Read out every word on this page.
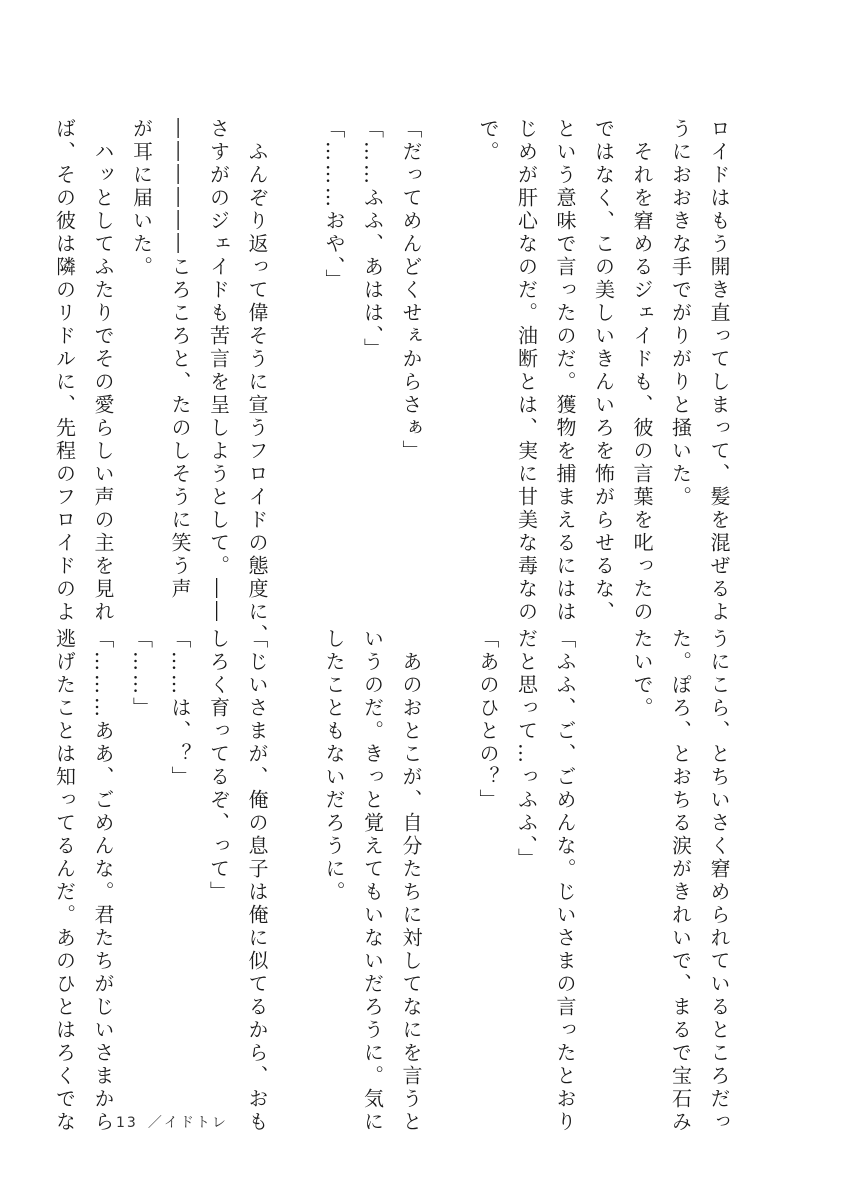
ロイドはもう開き直ってしまって、髪を混ぜるよ
うにおおきな手でがりがりと掻いた。
　それを窘めるジェイドも、彼の言葉を叱ったの
ではなく、この美しいきんいろを怖がらせるな、
という意味で言ったのだ。獲物を捕まえるにはは
じめが肝心なのだ。油断とは、実に甘美な毒なの
で。

「だってめんどくせぇからさぁ」
「……ふふ、あはは、」
「………おや、」

　ふんぞり返って偉そうに宣うフロイドの態度に、
さすがのジェイドも苦言を呈しようとして。――
――――――ころころと、たのしそうに笑う声
が耳に届いた。
　ハッとしてふたりでその愛らしい声の主を見れ
ば、その彼は隣のリドルに、先程のフロイドのよ
うにこら、とちいさく窘められているところだっ
た。ぽろ、とおちる涙がきれいで、まるで宝石み
たいで。

「ふふ、ご、ごめんな。じいさまの言ったとおり
だと思って…っふふ、」
「あのひとの？」

　あのおとこが、自分たちに対してなにを言うと
いうのだ。きっと覚えてもいないだろうに。気に
したこともないだろうに。

「じいさまが、俺の息子は俺に似てるから、おも
しろく育ってるぞ、って」
「……は、？」
「……」
「………ああ、ごめんな。君たちがじいさまから
逃げたことは知ってるんだ。あのひとはろくでな	13 ／イドトレ
